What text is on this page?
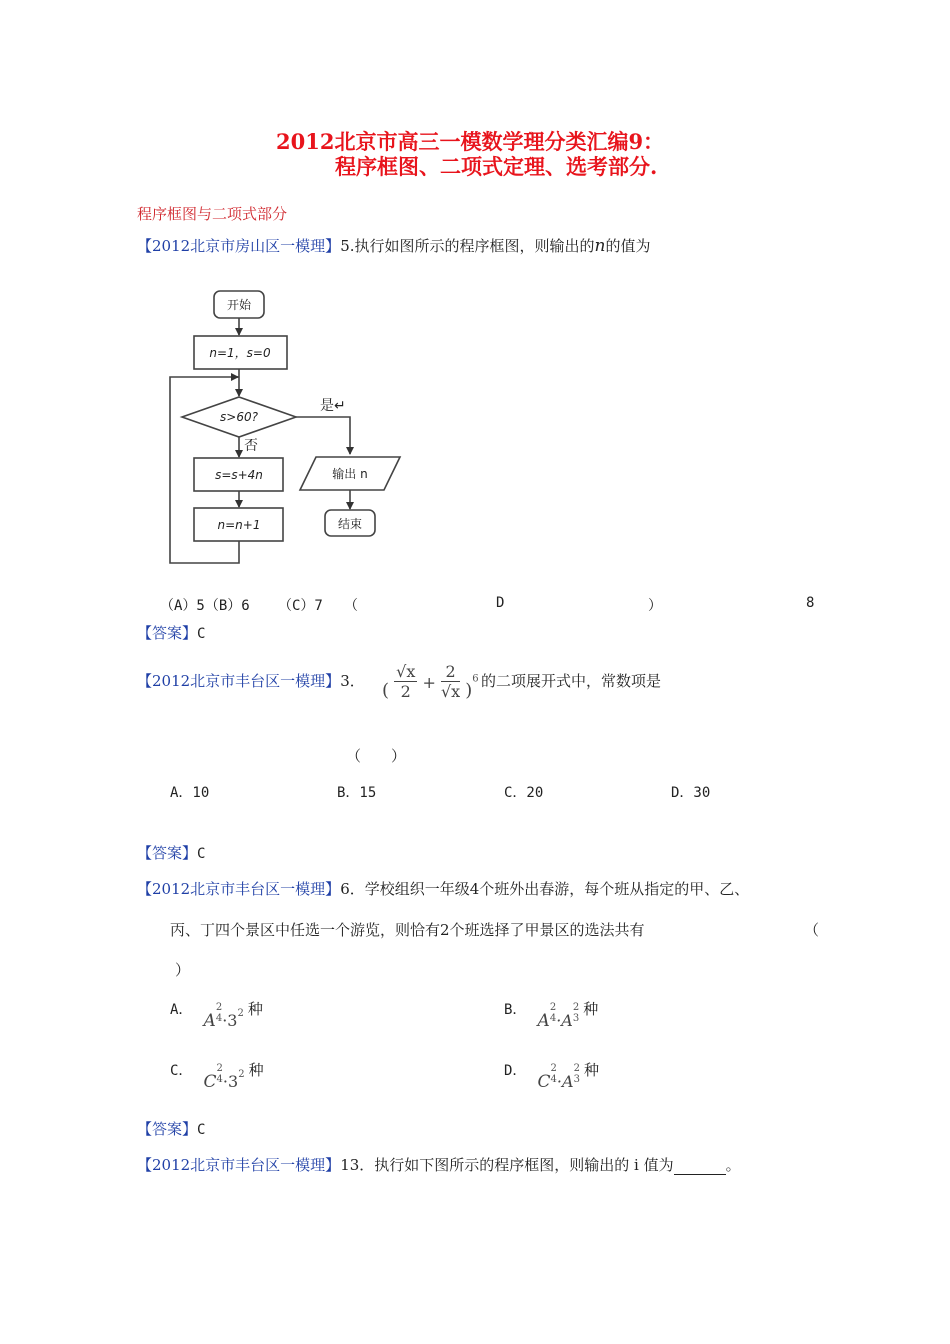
2012北京市高三一模数学理分类汇编9：
程序框图、二项式定理、选考部分.
程序框图与二项式部分
【2012北京市房山区一模理】5.执行如图所示的程序框图，则输出的n的值为
开始
n=1，s=0
s>60?
是↵
否
s=s+4n
n=n+1
输出 n
结束
（A）5（B）6 （C）7 （	D	）	8
【答案】C
【2012北京市丰台区一模理】3． ( $\frac{√x}{2} + \frac{2}{√x} )^6$ 的二项展开式中，常数项是
（　　）
A．10	B．15	C．20	D．30
【答案】C
【2012北京市丰台区一模理】6．学校组织一年级4个班外出春游，每个班从指定的甲、乙、
丙、丁四个景区中任选一个游览，则恰有2个班选择了甲景区的选法共有	（
）
A． A
2
$4 \cdot 3^2$ 种	B． A
2
4 ·A
2
3
种
C． C
2
$4 \cdot 3^2$ 种	D． C
2
4 ·A
2
3
种
【答案】C
【2012北京市丰台区一模理】13．执行如下图所示的程序框图，则输出的 i 值为	。
